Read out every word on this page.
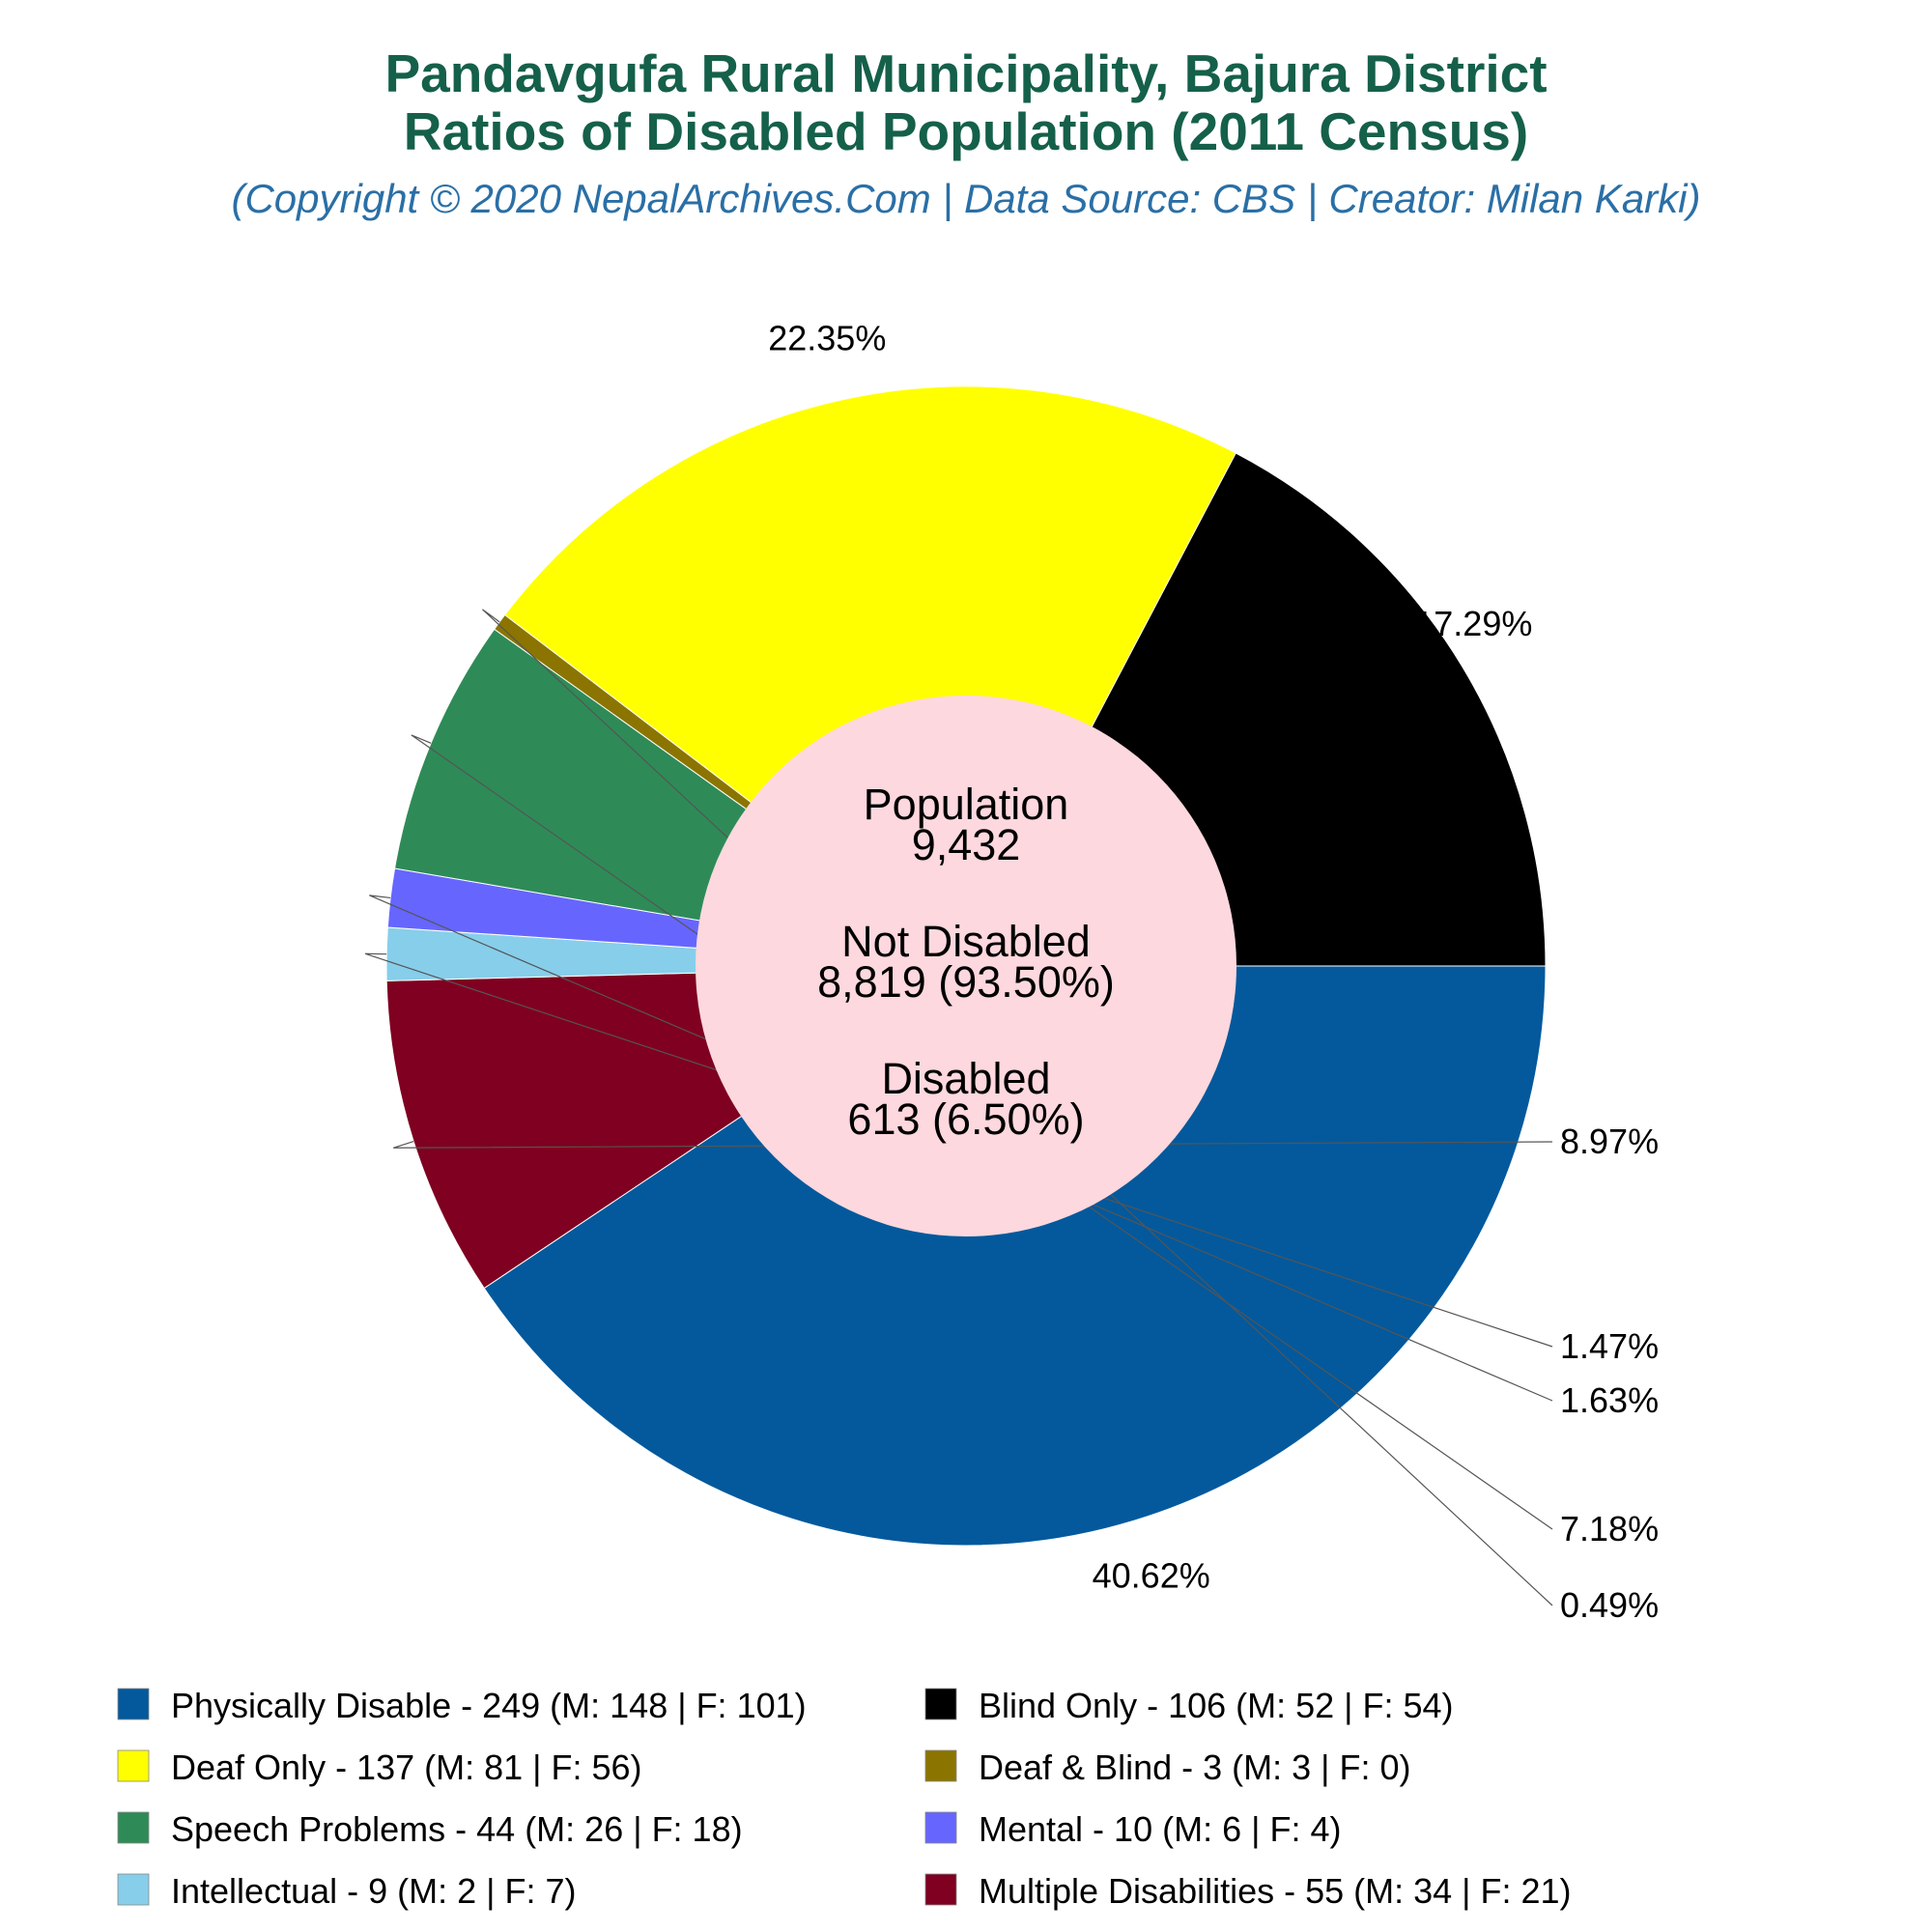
Pandavgufa Rural Municipality, Bajura District
Ratios of Disabled Population (2011 Census)
(Copyright © 2020 NepalArchives.Com | Data Source: CBS | Creator: Milan Karki)
40.62%
8.97%
1.47%
1.63%
7.18%
0.49%
22.35%
17.29%
Population
9,432
Not Disabled
8,819 (93.50%)
Disabled
613 (6.50%)
Physically Disable - 249 (M: 148 | F: 101)	Blind Only - 106 (M: 52 | F: 54)
Deaf Only - 137 (M: 81 | F: 56)	Deaf & Blind - 3 (M: 3 | F: 0)
Speech Problems - 44 (M: 26 | F: 18)	Mental - 10 (M: 6 | F: 4)
Intellectual - 9 (M: 2 | F: 7)	Multiple Disabilities - 55 (M: 34 | F: 21)
